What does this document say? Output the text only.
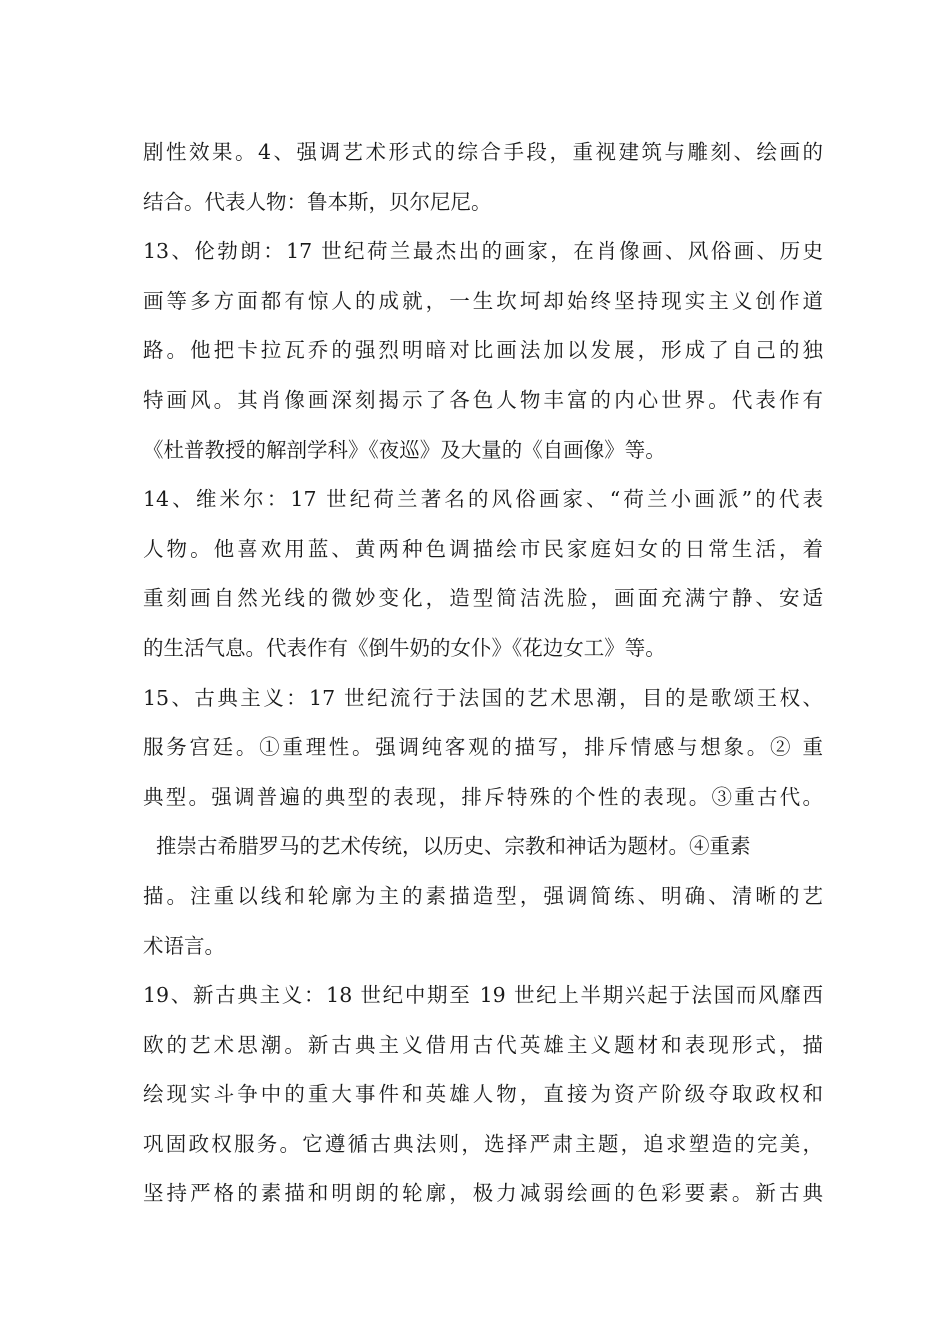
剧性效果。4、强调艺术形式的综合手段，重视建筑与雕刻、绘画的
结合。代表人物：鲁本斯，贝尔尼尼。
13、伦勃朗：17 世纪荷兰最杰出的画家，在肖像画、风俗画、历史
画等多方面都有惊人的成就，一生坎坷却始终坚持现实主义创作道
路。他把卡拉瓦乔的强烈明暗对比画法加以发展，形成了自己的独
特画风。其肖像画深刻揭示了各色人物丰富的内心世界。代表作有
《杜普教授的解剖学科》《夜巡》及大量的《自画像》等。
14、维米尔：17 世纪荷兰著名的风俗画家、“荷兰小画派”的代表
人物。他喜欢用蓝、黄两种色调描绘市民家庭妇女的日常生活，着
重刻画自然光线的微妙变化，造型简洁洗脸，画面充满宁静、安适
的生活气息。代表作有《倒牛奶的女仆》《花边女工》等。
15、古典主义：17 世纪流行于法国的艺术思潮，目的是歌颂王权、
服务宫廷。①重理性。强调纯客观的描写，排斥情感与想象。② 重
典型。强调普遍的典型的表现，排斥特殊的个性的表现。③重古代。
推崇古希腊罗马的艺术传统，以历史、宗教和神话为题材。④重素
描。注重以线和轮廓为主的素描造型，强调简练、明确、清晰的艺
术语言。
19、新古典主义：18 世纪中期至 19 世纪上半期兴起于法国而风靡西
欧的艺术思潮。新古典主义借用古代英雄主义题材和表现形式，描
绘现实斗争中的重大事件和英雄人物，直接为资产阶级夺取政权和
巩固政权服务。它遵循古典法则，选择严肃主题，追求塑造的完美，
坚持严格的素描和明朗的轮廓，极力减弱绘画的色彩要素。新古典
